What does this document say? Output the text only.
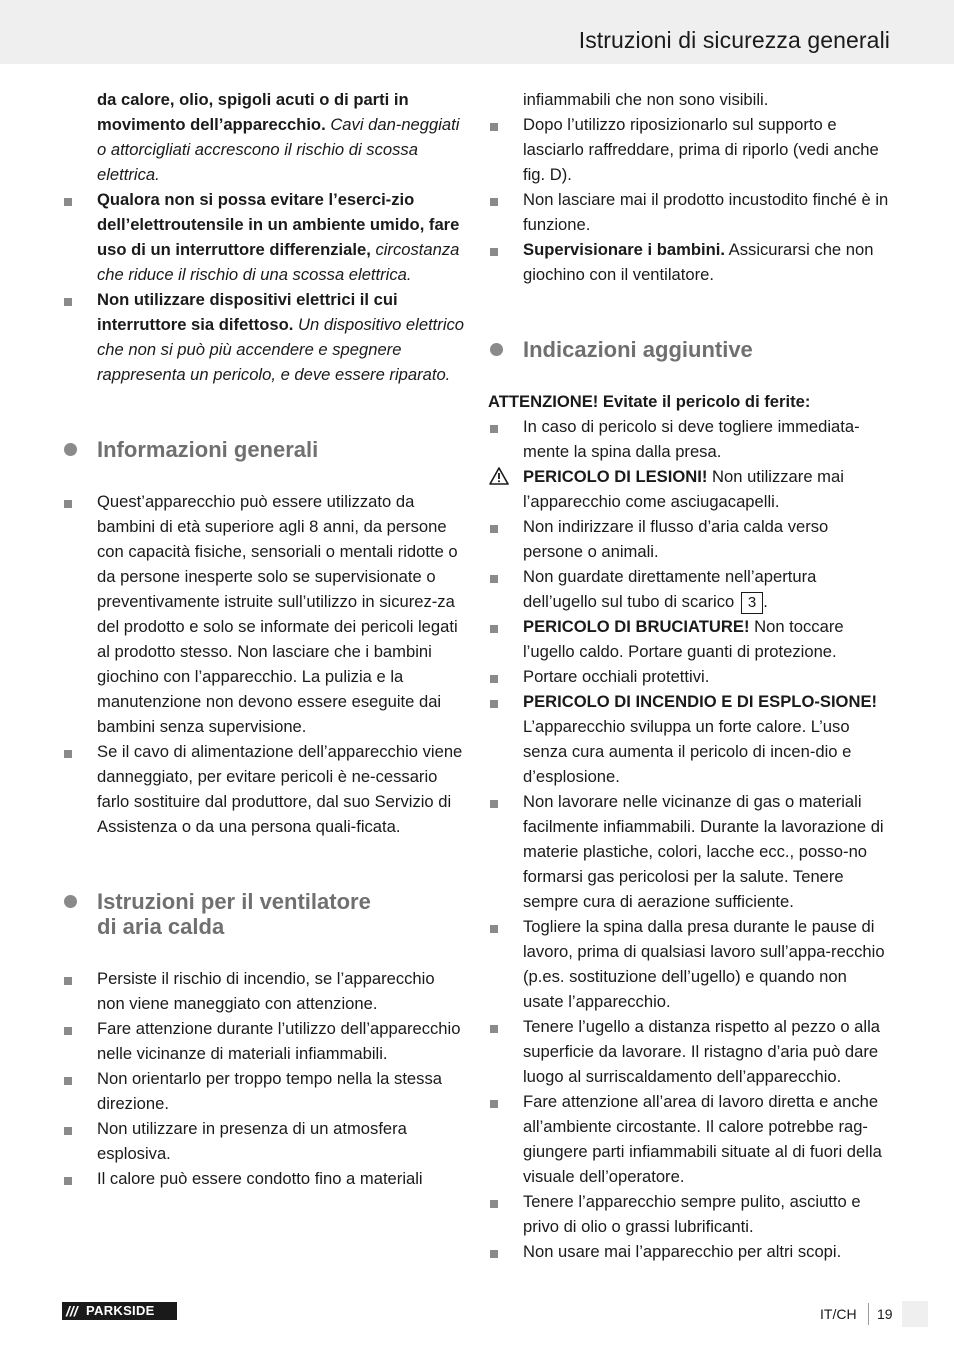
Istruzioni di sicurezza generali
da calore, olio, spigoli acuti o di parti in movimento dell’apparecchio. Cavi dan-neggiati o attorcigliati accrescono il rischio di scossa elettrica.
Qualora non si possa evitare l’eserci-zio dell’elettroutensile in un ambiente umido, fare uso di un interruttore differenziale, circostanza che riduce il rischio di una scossa elettrica.
Non utilizzare dispositivi elettrici il cui interruttore sia difettoso. Un dispositivo elettrico che non si può più accendere e spegnere rappresenta un pericolo, e deve essere riparato.
Informazioni generali
Quest’apparecchio può essere utilizzato da bambini di età superiore agli 8 anni, da persone con capacità fisiche, sensoriali o mentali ridotte o da persone inesperte solo se supervisionate o preventivamente istruite sull’utilizzo in sicurez-za del prodotto e solo se informate dei pericoli legati al prodotto stesso. Non lasciare che i bambini giochino con l’apparecchio. La pulizia e la manutenzione non devono essere eseguite dai bambini senza supervisione.
Se il cavo di alimentazione dell’apparecchio viene danneggiato, per evitare pericoli è ne-cessario farlo sostituire dal produttore, dal suo Servizio di Assistenza o da una persona quali-ficata.
Istruzioni per il ventilatore
di aria calda
Persiste il rischio di incendio, se l’apparecchio non viene maneggiato con attenzione.
Fare attenzione durante l’utilizzo dell’apparecchio nelle vicinanze di materiali infiammabili.
Non orientarlo per troppo tempo nella la stessa direzione.
Non utilizzare in presenza di un atmosfera esplosiva.
Il calore può essere condotto fino a materiali
infiammabili che non sono visibili.
Dopo l’utilizzo riposizionarlo sul supporto e lasciarlo raffreddare, prima di riporlo (vedi anche fig. D).
Non lasciare mai il prodotto incustodito finché è in funzione.
Supervisionare i bambini. Assicurarsi che non giochino con il ventilatore.
Indicazioni aggiuntive
ATTENZIONE! Evitate il pericolo di ferite:
In caso di pericolo si deve togliere immediata-mente la spina dalla presa.
PERICOLO DI LESIONI! Non utilizzare mai l’apparecchio come asciugacapelli.
Non indirizzare il flusso d’aria calda verso persone o animali.
Non guardate direttamente nell’apertura dell’ugello sul tubo di scarico 3 .
PERICOLO DI BRUCIATURE! Non toccare l’ugello caldo. Portare guanti di protezione.
Portare occhiali protettivi.
PERICOLO DI INCENDIO E DI ESPLO-SIONE! L’apparecchio sviluppa un forte calore. L’uso senza cura aumenta il pericolo di incen-dio e d’esplosione.
Non lavorare nelle vicinanze di gas o materiali facilmente infiammabili. Durante la lavorazione di materie plastiche, colori, lacche ecc., posso-no formarsi gas pericolosi per la salute. Tenere sempre cura di aerazione sufficiente.
Togliere la spina dalla presa durante le pause di lavoro, prima di qualsiasi lavoro sull’appa-recchio (p.es. sostituzione dell’ugello) e quando non usate l’apparecchio.
Tenere l’ugello a distanza rispetto al pezzo o alla superficie da lavorare. Il ristagno d’aria può dare luogo al surriscaldamento dell’apparecchio.
Fare attenzione all’area di lavoro diretta e anche all’ambiente circostante. Il calore potrebbe rag-giungere parti infiammabili situate al di fuori della visuale dell’operatore.
Tenere l’apparecchio sempre pulito, asciutto e privo di olio o grassi lubrificanti.
Non usare mai l’apparecchio per altri scopi.
/// PARKSIDE	IT/CH 19
